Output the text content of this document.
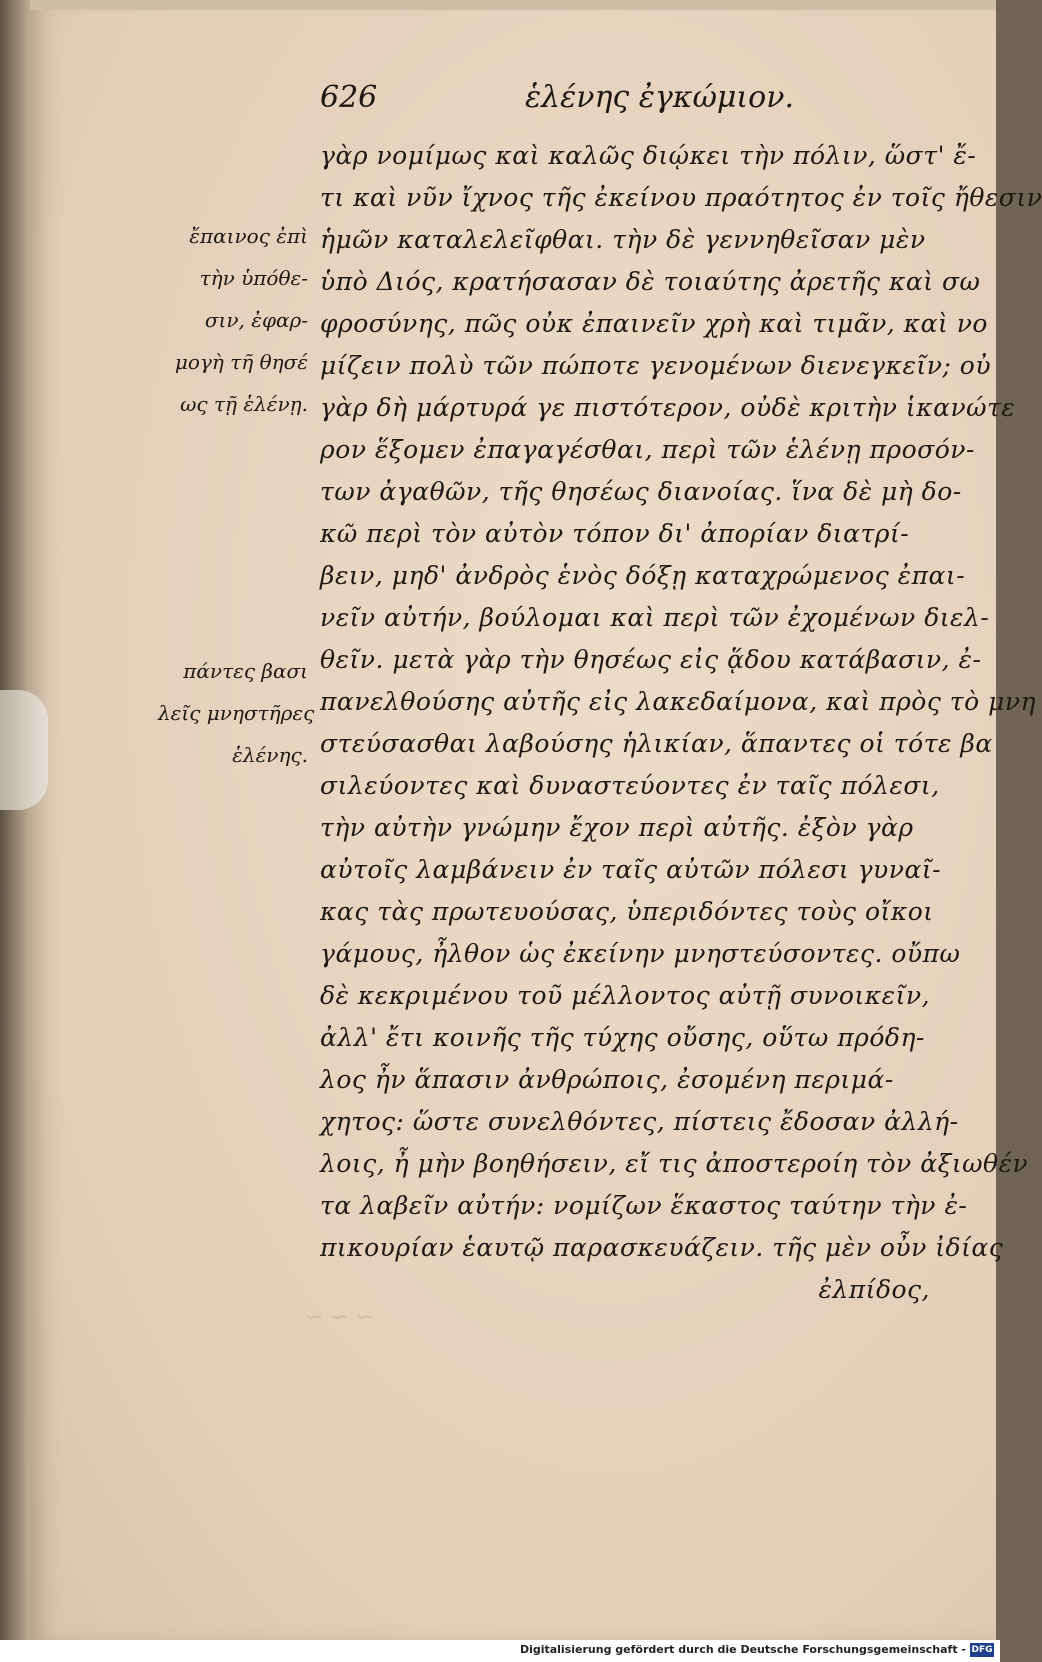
626	ἑλένης ἐγκώμιον.
ἔπαινος ἐπὶ
τὴν ὑπόθε-
σιν, ἐφαρ-
μογὴ τῆ θησέ
ως τῇ ἑλένῃ.
πάντες βασι
λεῖς μνηστῆρες
ἑλένης.
γὰρ νομίμως καὶ καλῶς διῴκει τὴν πόλιν, ὥστ' ἔ-
τι καὶ νῦν ἴχνος τῆς ἐκείνου πραότητος ἐν τοῖς ἤθεσιν
ἡμῶν καταλελεῖφθαι. τὴν δὲ γεννηθεῖσαν μὲν
ὑπὸ Διός, κρατήσασαν δὲ τοιαύτης ἀρετῆς καὶ σω
φροσύνης, πῶς οὐκ ἐπαινεῖν χρὴ καὶ τιμᾶν, καὶ νο
μίζειν πολὺ τῶν πώποτε γενομένων διενεγκεῖν; οὐ
γὰρ δὴ μάρτυρά γε πιστότερον, οὐδὲ κριτὴν ἱκανώτε
ρον ἕξομεν ἐπαγαγέσθαι, περὶ τῶν ἑλένῃ προσόν-
των ἀγαθῶν, τῆς θησέως διανοίας. ἵνα δὲ μὴ δο-
κῶ περὶ τὸν αὐτὸν τόπον δι' ἀπορίαν διατρί-
βειν, μηδ' ἀνδρὸς ἑνὸς δόξῃ καταχρώμενος ἐπαι-
νεῖν αὐτήν, βούλομαι καὶ περὶ τῶν ἐχομένων διελ-
θεῖν. μετὰ γὰρ τὴν θησέως εἰς ᾅδου κατάβασιν, ἐ-
πανελθούσης αὐτῆς εἰς λακεδαίμονα, καὶ πρὸς τὸ μνη
στεύσασθαι λαβούσης ἡλικίαν, ἅπαντες οἱ τότε βα
σιλεύοντες καὶ δυναστεύοντες ἐν ταῖς πόλεσι,
τὴν αὐτὴν γνώμην ἔχον περὶ αὐτῆς. ἐξὸν γὰρ
αὐτοῖς λαμβάνειν ἐν ταῖς αὐτῶν πόλεσι γυναῖ-
κας τὰς πρωτευούσας, ὑπεριδόντες τοὺς οἴκοι
γάμους, ἦλθον ὡς ἐκείνην μνηστεύσοντες. οὔπω
δὲ κεκριμένου τοῦ μέλλοντος αὐτῇ συνοικεῖν,
ἀλλ' ἔτι κοινῆς τῆς τύχης οὔσης, οὕτω πρόδη-
λος ἦν ἅπασιν ἀνθρώποις, ἐσομένη περιμά-
χητος: ὥστε συνελθόντες, πίστεις ἔδοσαν ἀλλή-
λοις, ἦ μὴν βοηθήσειν, εἴ τις ἀποστεροίη τὸν ἀξιωθέν
τα λαβεῖν αὐτήν: νομίζων ἕκαστος ταύτην τὴν ἐ-
πικουρίαν ἑαυτῷ παρασκευάζειν. τῆς μὲν οὖν ἰδίας
ἐλπίδος,
∽ ∽ ∽
Digitalisierung gefördert durch die Deutsche Forschungsgemeinschaft - DFG
